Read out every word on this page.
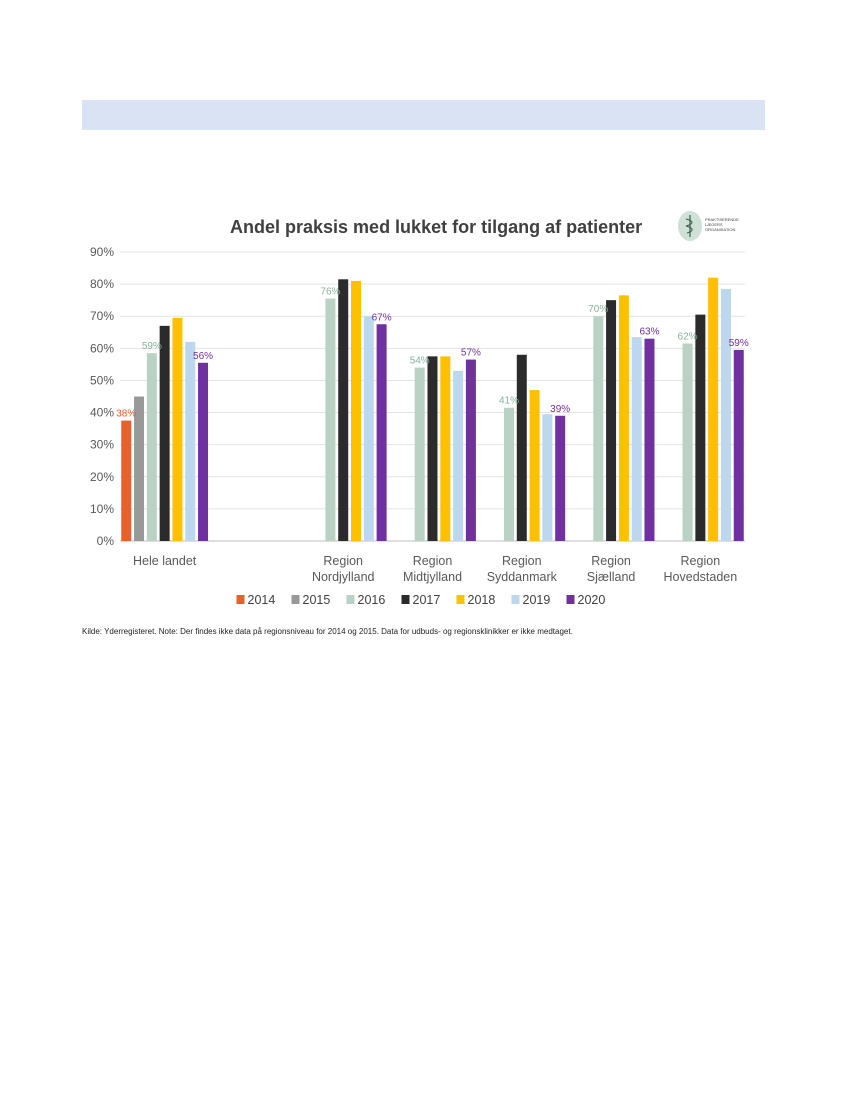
Andel praksis med lukket for tilgang af patienter	PRAKTISERENDE
LÆGERS
ORGANISATION
0%
10%
20%
30%
40%
50%
60%
70%
80%
90%
38%
59%
56%
76%
67%
54%
57%
41%
39%
70%
63% 62%
59%
Hele landet	Region
Nordjylland
Region
Midtjylland
Region
Syddanmark
Region
Sjælland
Region
Hovedstaden
2014 2015 2016 2017 2018 2019 2020
Kilde: Yderregisteret. Note: Der findes ikke data på regionsniveau for 2014 og 2015. Data for udbuds- og regionsklinikker er ikke medtaget.
